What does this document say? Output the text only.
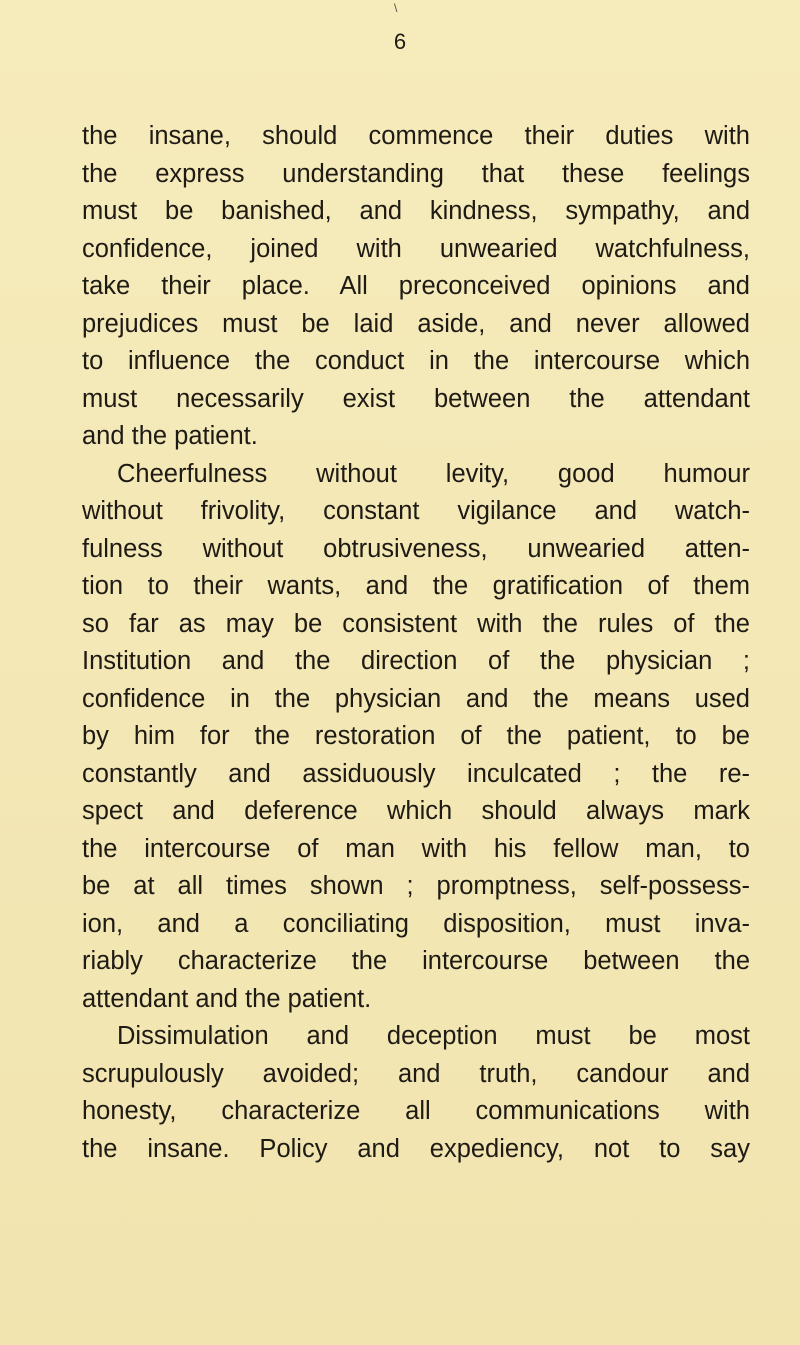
\
6
the insane, should commence their duties with
the express understanding that these feelings
must be banished, and kindness, sympathy, and
confidence, joined with unwearied watchfulness,
take their place. All preconceived opinions and
prejudices must be laid aside, and never allowed
to influence the conduct in the intercourse which
must necessarily exist between the attendant
and the patient.
Cheerfulness without levity, good humour
without frivolity, constant vigilance and watch-
fulness without obtrusiveness, unwearied atten-
tion to their wants, and the gratification of them
so far as may be consistent with the rules of the
Institution and the direction of the physician ;
confidence in the physician and the means used
by him for the restoration of the patient, to be
constantly and assiduously inculcated ; the re-
spect and deference which should always mark
the intercourse of man with his fellow man, to
be at all times shown ; promptness, self-possess-
ion, and a conciliating disposition, must inva-
riably characterize the intercourse between the
attendant and the patient.
Dissimulation and deception must be most
scrupulously avoided; and truth, candour and
honesty, characterize all communications with
the insane. Policy and expediency, not to say
